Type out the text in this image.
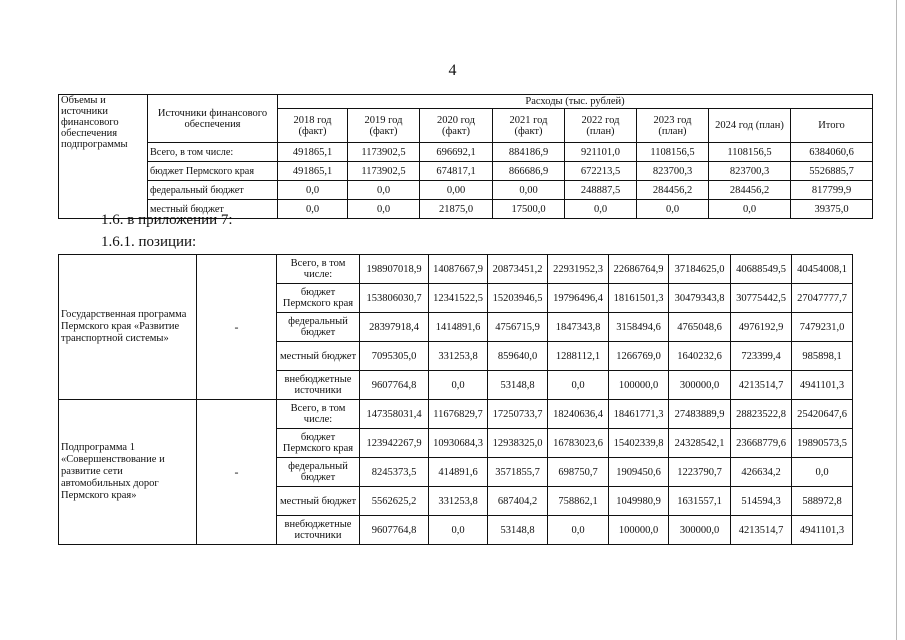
4
Объемы и источники финансового обеспечения подпрограммы	Источники финансового обеспечения	Расходы (тыс. рублей)							
		2018 год (факт)	2019 год (факт)	2020 год (факт)	2021 год (факт)	2022 год (план)	2023 год (план)	2024 год (план)	Итого
	Всего, в том числе:	491865,1	1173902,5	696692,1	884186,9	921101,0	1108156,5	1108156,5	6384060,6
	бюджет Пермского края	491865,1	1173902,5	674817,1	866686,9	672213,5	823700,3	823700,3	5526885,7
	федеральный бюджет	0,0	0,0	0,00	0,00	248887,5	284456,2	284456,2	817799,9
	местный бюджет	0,0	0,0	21875,0	17500,0	0,0	0,0	0,0	39375,0
1.6. в приложении 7:
1.6.1. позиции:
Государственная программа Пермского края «Развитие транспортной системы»	-	Всего, в том числе:	198907018,9	14087667,9	20873451,2	22931952,3	22686764,9	37184625,0	40688549,5	40454008,1
		бюджет Пермского края	153806030,7	12341522,5	15203946,5	19796496,4	18161501,3	30479343,8	30775442,5	27047777,7
		федеральный бюджет	28397918,4	1414891,6	4756715,9	1847343,8	3158494,6	4765048,6	4976192,9	7479231,0
		местный бюджет	7095305,0	331253,8	859640,0	1288112,1	1266769,0	1640232,6	723399,4	985898,1
		внебюджетные источники	9607764,8	0,0	53148,8	0,0	100000,0	300000,0	4213514,7	4941101,3
Подпрограмма 1 «Совершенствование и развитие сети автомобильных дорог Пермского края»	-	Всего, в том числе:	147358031,4	11676829,7	17250733,7	18240636,4	18461771,3	27483889,9	28823522,8	25420647,6
		бюджет Пермского края	123942267,9	10930684,3	12938325,0	16783023,6	15402339,8	24328542,1	23668779,6	19890573,5
		федеральный бюджет	8245373,5	414891,6	3571855,7	698750,7	1909450,6	1223790,7	426634,2	0,0
		местный бюджет	5562625,2	331253,8	687404,2	758862,1	1049980,9	1631557,1	514594,3	588972,8
		внебюджетные источники	9607764,8	0,0	53148,8	0,0	100000,0	300000,0	4213514,7	4941101,3
